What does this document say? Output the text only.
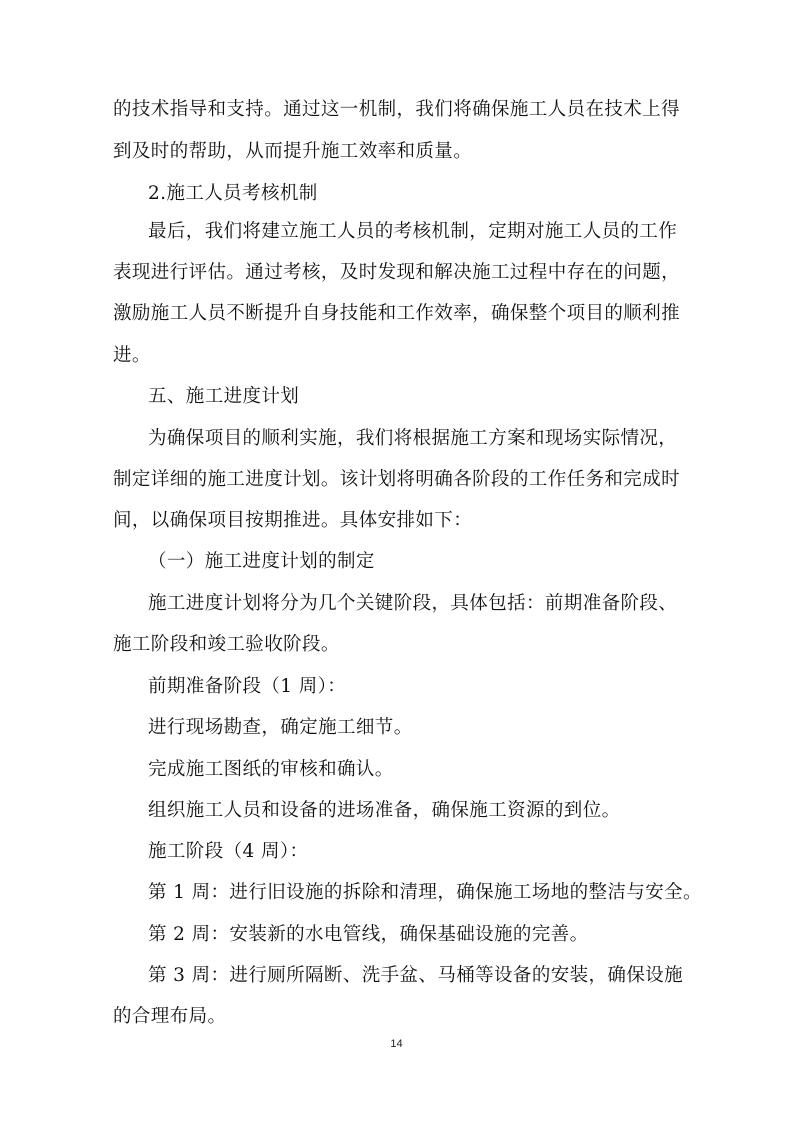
的技术指导和支持。通过这一机制，我们将确保施工人员在技术上得
到及时的帮助，从而提升施工效率和质量。
2.施工人员考核机制
最后，我们将建立施工人员的考核机制，定期对施工人员的工作
表现进行评估。通过考核，及时发现和解决施工过程中存在的问题，
激励施工人员不断提升自身技能和工作效率，确保整个项目的顺利推
进。
五、施工进度计划
为确保项目的顺利实施，我们将根据施工方案和现场实际情况，
制定详细的施工进度计划。该计划将明确各阶段的工作任务和完成时
间，以确保项目按期推进。具体安排如下：
（一）施工进度计划的制定
施工进度计划将分为几个关键阶段，具体包括：前期准备阶段、
施工阶段和竣工验收阶段。
前期准备阶段（1 周）：
进行现场勘查，确定施工细节。
完成施工图纸的审核和确认。
组织施工人员和设备的进场准备，确保施工资源的到位。
施工阶段（4 周）：
第 1 周：进行旧设施的拆除和清理，确保施工场地的整洁与安全。
第 2 周：安装新的水电管线，确保基础设施的完善。
第 3 周：进行厕所隔断、洗手盆、马桶等设备的安装，确保设施
的合理布局。
14
